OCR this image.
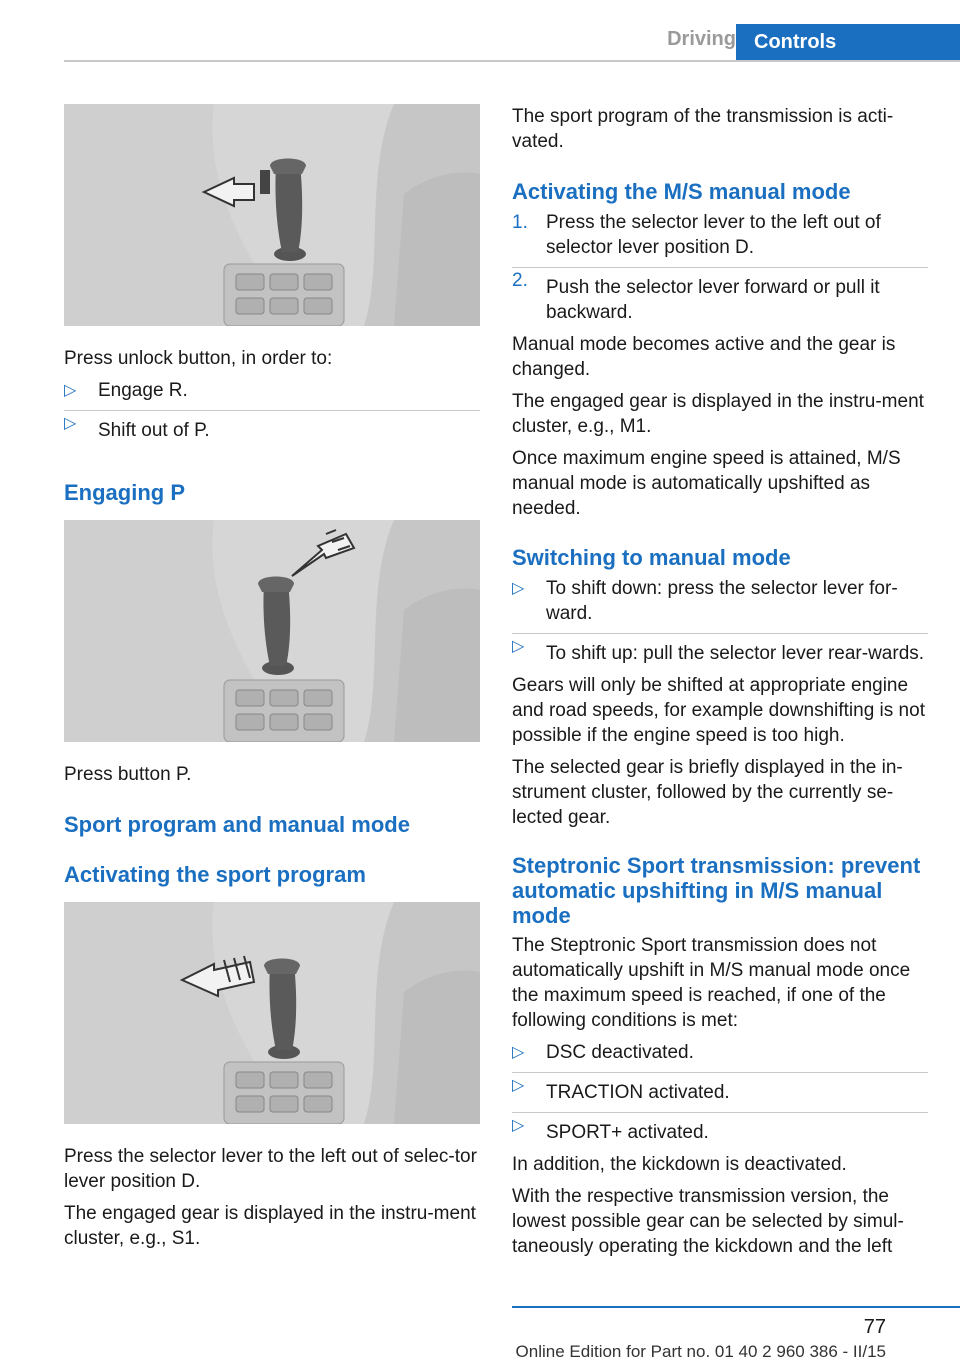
Driving Controls

Press unlock button, in order to:

▷ Engage R.
▷ Shift out of P.
Engaging P

Press button P.

Sport program and manual mode
Activating the sport program

Press the selector lever to the left out of selec‐tor lever position D.

The engaged gear is displayed in the instru‐ment cluster, e.g., S1.

The sport program of the transmission is acti‐vated.

Activating the M/S manual mode
1. Press the selector lever to the left out of selector lever position D.
2. Push the selector lever forward or pull it backward.

Manual mode becomes active and the gear is changed.

The engaged gear is displayed in the instru‐ment cluster, e.g., M1.

Once maximum engine speed is attained, M/S manual mode is automatically upshifted as needed.

Switching to manual mode
▷ To shift down: press the selector lever for‐ward.
▷ To shift up: pull the selector lever rear‐wards.

Gears will only be shifted at appropriate engine and road speeds, for example downshifting is not possible if the engine speed is too high.

The selected gear is briefly displayed in the in‐strument cluster, followed by the currently se‐lected gear.

Steptronic Sport transmission: prevent automatic upshifting in M/S manual mode

The Steptronic Sport transmission does not automatically upshift in M/S manual mode once the maximum speed is reached, if one of the following conditions is met:

▷ DSC deactivated.
▷ TRACTION activated.
▷ SPORT+ activated.

In addition, the kickdown is deactivated.

With the respective transmission version, the lowest possible gear can be selected by simul‐taneously operating the kickdown and the left

77
Online Edition for Part no. 01 40 2 960 386 - II/15
